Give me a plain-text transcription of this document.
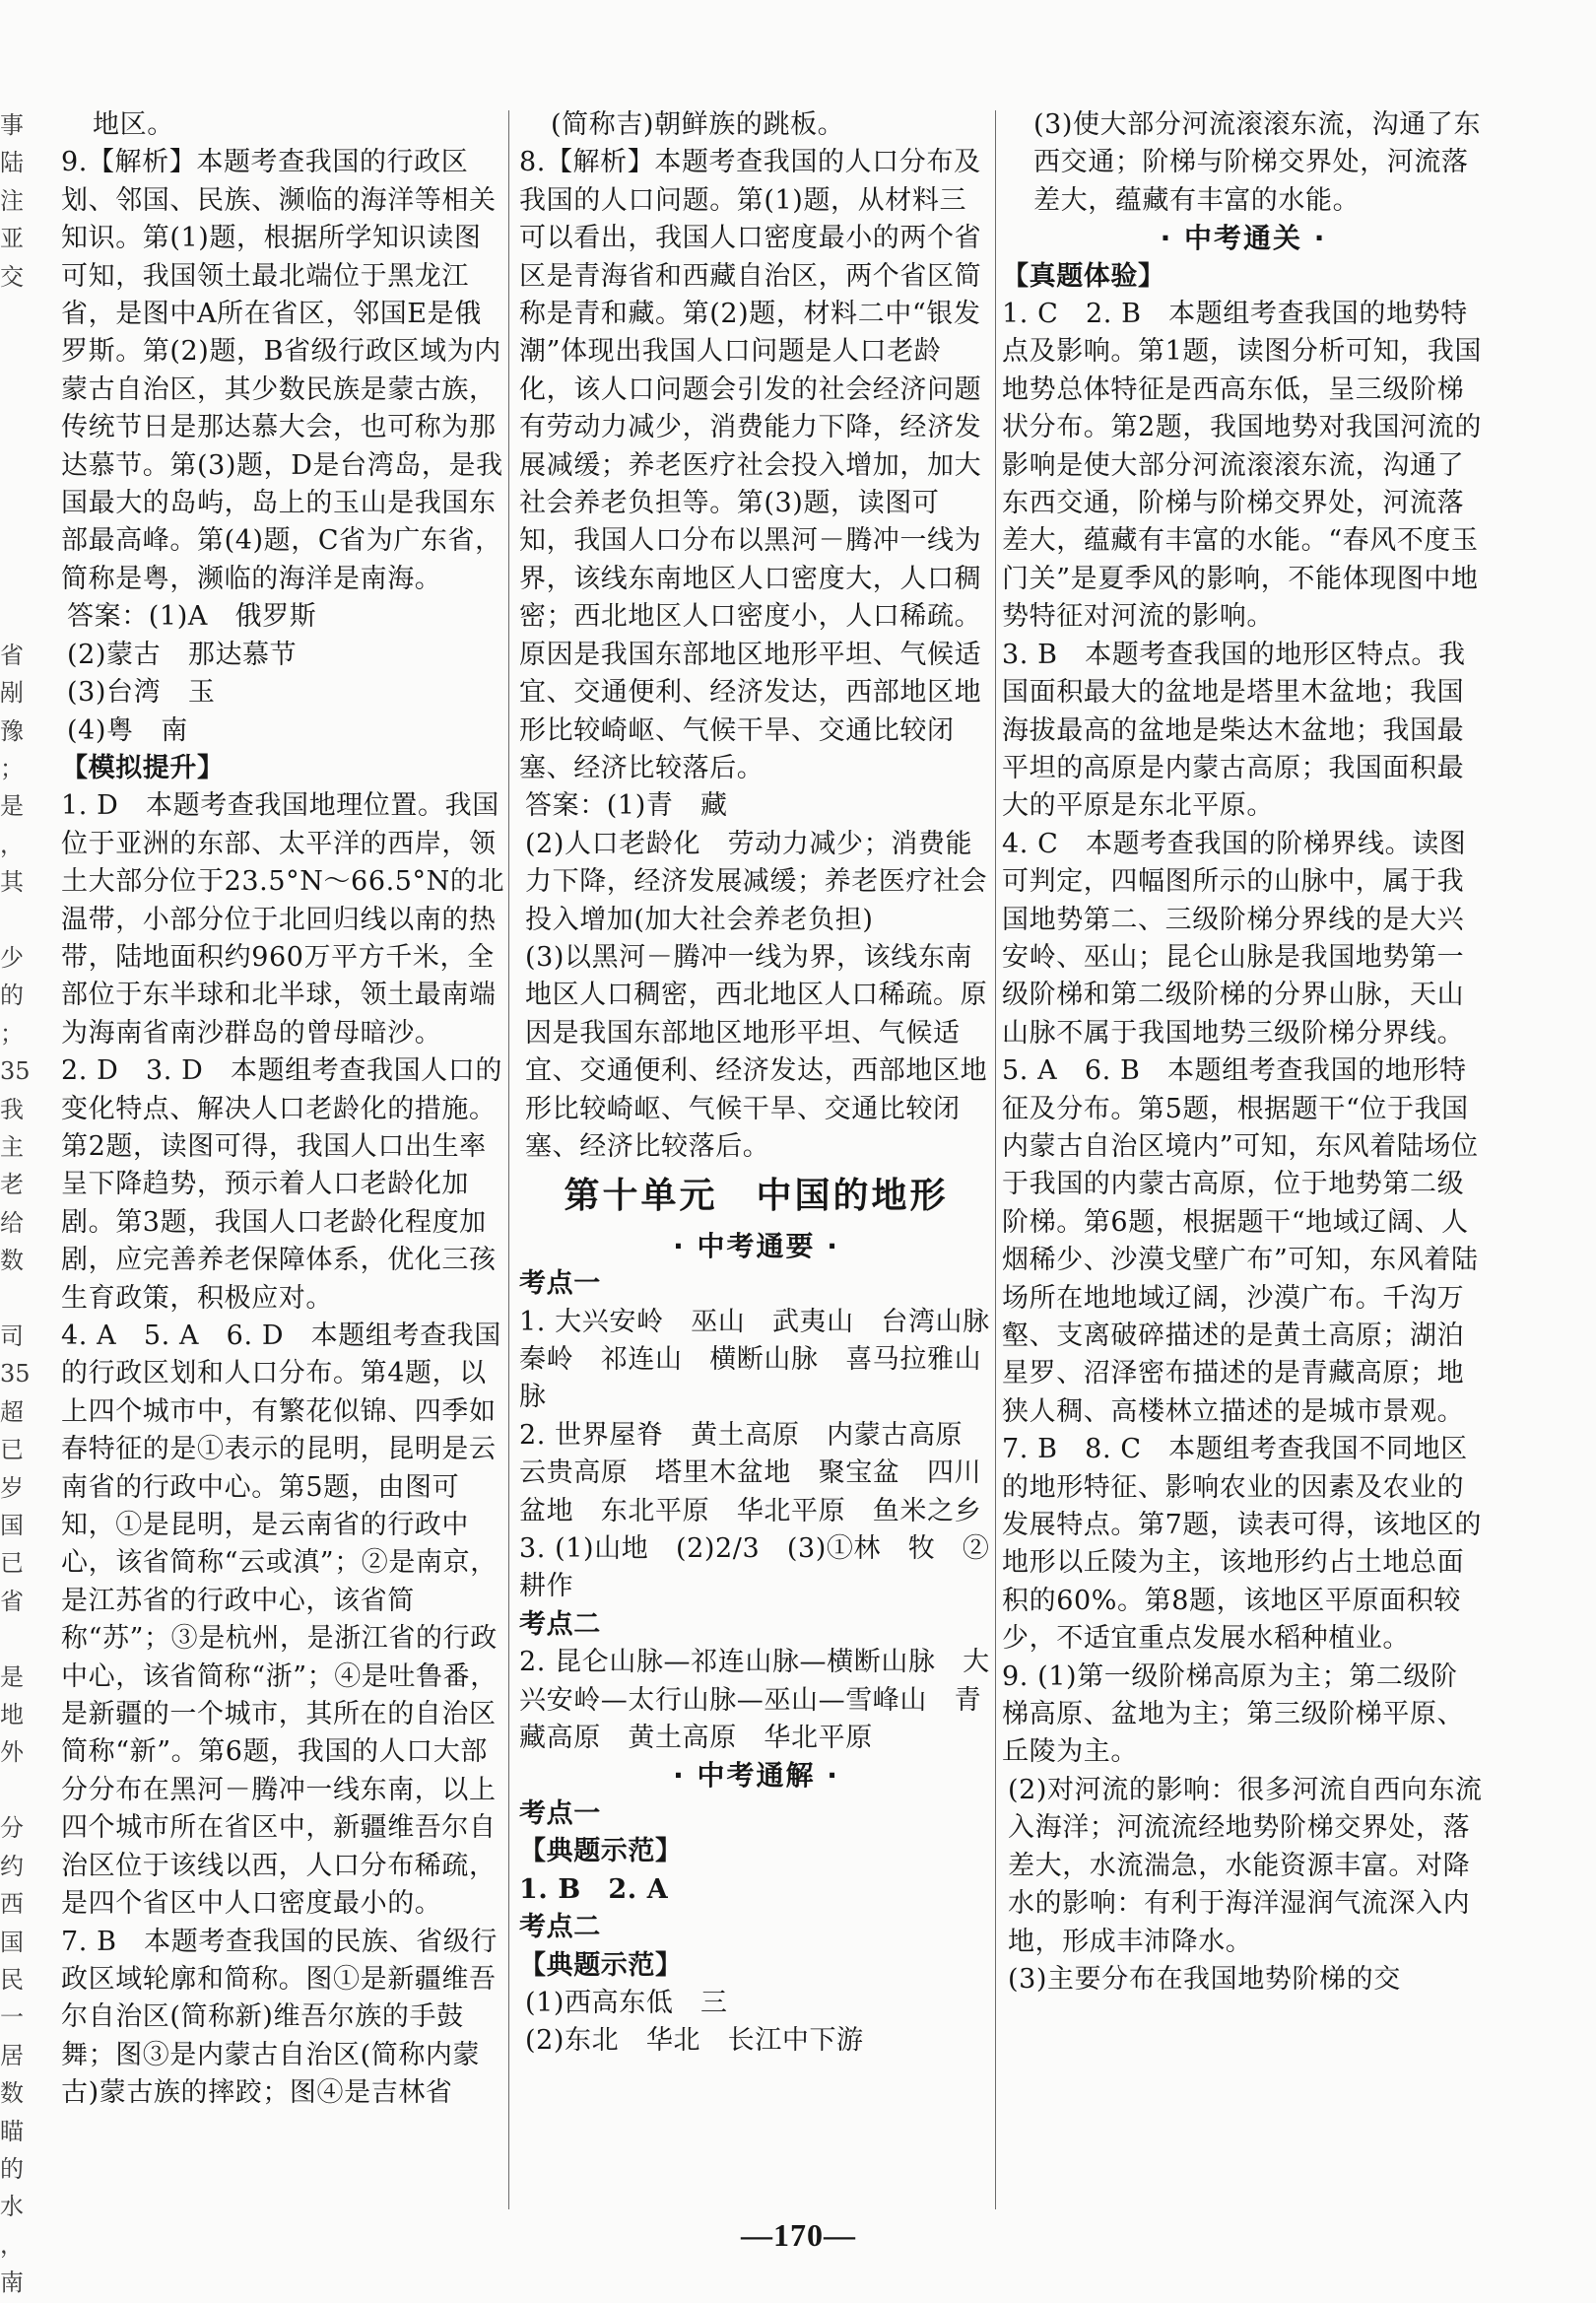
事
陆
注
亚
交

省
剐
豫
；
是
，
其

少
的
；
35
我
主
老
给
数

司
35
超
已
岁
国
已
省

是
地
外

分
约
西
国
民
一
居
数
瞄
的
水
，
南

地区。

9.【解析】本题考查我国的行政区划、邻国、民族、濒临的海洋等相关知识。第(1)题，根据所学知识读图可知，我国领土最北端位于黑龙江省，是图中A所在省区，邻国E是俄罗斯。第(2)题，B省级行政区域为内蒙古自治区，其少数民族是蒙古族，传统节日是那达慕大会，也可称为那达慕节。第(3)题，D是台湾岛，是我国最大的岛屿，岛上的玉山是我国东部最高峰。第(4)题，C省为广东省，简称是粤，濒临的海洋是南海。

答案：(1)A　俄罗斯

(2)蒙古　那达慕节

(3)台湾　玉

(4)粤　南

【模拟提升】

1. D　本题考查我国地理位置。我国位于亚洲的东部、太平洋的西岸，领土大部分位于23.5°N～66.5°N的北温带，小部分位于北回归线以南的热带，陆地面积约960万平方千米，全部位于东半球和北半球，领土最南端为海南省南沙群岛的曾母暗沙。

2. D　3. D　本题组考查我国人口的变化特点、解决人口老龄化的措施。第2题，读图可得，我国人口出生率呈下降趋势，预示着人口老龄化加剧。第3题，我国人口老龄化程度加剧，应完善养老保障体系，优化三孩生育政策，积极应对。

4. A　5. A　6. D　本题组考查我国的行政区划和人口分布。第4题，以上四个城市中，有繁花似锦、四季如春特征的是①表示的昆明，昆明是云南省的行政中心。第5题，由图可知，①是昆明，是云南省的行政中心，该省简称“云或滇”；②是南京，是江苏省的行政中心，该省简称“苏”；③是杭州，是浙江省的行政中心，该省简称“浙”；④是吐鲁番，是新疆的一个城市，其所在的自治区简称“新”。第6题，我国的人口大部分分布在黑河－腾冲一线东南，以上四个城市所在省区中，新疆维吾尔自治区位于该线以西，人口分布稀疏，是四个省区中人口密度最小的。

7. B　本题考查我国的民族、省级行政区域轮廓和简称。图①是新疆维吾尔自治区(简称新)维吾尔族的手鼓舞；图③是内蒙古自治区(简称内蒙古)蒙古族的摔跤；图④是吉林省

(简称吉)朝鲜族的跳板。

8.【解析】本题考查我国的人口分布及我国的人口问题。第(1)题，从材料三可以看出，我国人口密度最小的两个省区是青海省和西藏自治区，两个省区简称是青和藏。第(2)题，材料二中“银发潮”体现出我国人口问题是人口老龄化，该人口问题会引发的社会经济问题有劳动力减少，消费能力下降，经济发展减缓；养老医疗社会投入增加，加大社会养老负担等。第(3)题，读图可知，我国人口分布以黑河－腾冲一线为界，该线东南地区人口密度大，人口稠密；西北地区人口密度小，人口稀疏。原因是我国东部地区地形平坦、气候适宜、交通便利、经济发达，西部地区地形比较崎岖、气候干旱、交通比较闭塞、经济比较落后。

答案：(1)青　藏

(2)人口老龄化　劳动力减少；消费能力下降，经济发展减缓；养老医疗社会投入增加(加大社会养老负担)

(3)以黑河－腾冲一线为界，该线东南地区人口稠密，西北地区人口稀疏。原因是我国东部地区地形平坦、气候适宜、交通便利、经济发达，西部地区地形比较崎岖、气候干旱、交通比较闭塞、经济比较落后。

第十单元　中国的地形

· 中考通要 ·

考点一

1. 大兴安岭　巫山　武夷山　台湾山脉　秦岭　祁连山　横断山脉　喜马拉雅山脉

2. 世界屋脊　黄土高原　内蒙古高原　云贵高原　塔里木盆地　聚宝盆　四川盆地　东北平原　华北平原　鱼米之乡

3. (1)山地　(2)2/3　(3)①林　牧　②耕作

考点二

2. 昆仑山脉—祁连山脉—横断山脉　大兴安岭—太行山脉—巫山—雪峰山　青藏高原　黄土高原　华北平原

· 中考通解 ·

考点一

【典题示范】

1. B　2. A

考点二

【典题示范】

(1)西高东低　三

(2)东北　华北　长江中下游

(3)使大部分河流滚滚东流，沟通了东西交通；阶梯与阶梯交界处，河流落差大，蕴藏有丰富的水能。

· 中考通关 ·

【真题体验】

1. C　2. B　本题组考查我国的地势特点及影响。第1题，读图分析可知，我国地势总体特征是西高东低，呈三级阶梯状分布。第2题，我国地势对我国河流的影响是使大部分河流滚滚东流，沟通了东西交通，阶梯与阶梯交界处，河流落差大，蕴藏有丰富的水能。“春风不度玉门关”是夏季风的影响，不能体现图中地势特征对河流的影响。

3. B　本题考查我国的地形区特点。我国面积最大的盆地是塔里木盆地；我国海拔最高的盆地是柴达木盆地；我国最平坦的高原是内蒙古高原；我国面积最大的平原是东北平原。

4. C　本题考查我国的阶梯界线。读图可判定，四幅图所示的山脉中，属于我国地势第二、三级阶梯分界线的是大兴安岭、巫山；昆仑山脉是我国地势第一级阶梯和第二级阶梯的分界山脉，天山山脉不属于我国地势三级阶梯分界线。

5. A　6. B　本题组考查我国的地形特征及分布。第5题，根据题干“位于我国内蒙古自治区境内”可知，东风着陆场位于我国的内蒙古高原，位于地势第二级阶梯。第6题，根据题干“地域辽阔、人烟稀少、沙漠戈壁广布”可知，东风着陆场所在地地域辽阔，沙漠广布。千沟万壑、支离破碎描述的是黄土高原；湖泊星罗、沼泽密布描述的是青藏高原；地狭人稠、高楼林立描述的是城市景观。

7. B　8. C　本题组考查我国不同地区的地形特征、影响农业的因素及农业的发展特点。第7题，读表可得，该地区的地形以丘陵为主，该地形约占土地总面积的60%。第8题，该地区平原面积较少，不适宜重点发展水稻种植业。

9. (1)第一级阶梯高原为主；第二级阶梯高原、盆地为主；第三级阶梯平原、丘陵为主。

(2)对河流的影响：很多河流自西向东流入海洋；河流流经地势阶梯交界处，落差大，水流湍急，水能资源丰富。对降水的影响：有利于海洋湿润气流深入内地，形成丰沛降水。

(3)主要分布在我国地势阶梯的交

—170—
